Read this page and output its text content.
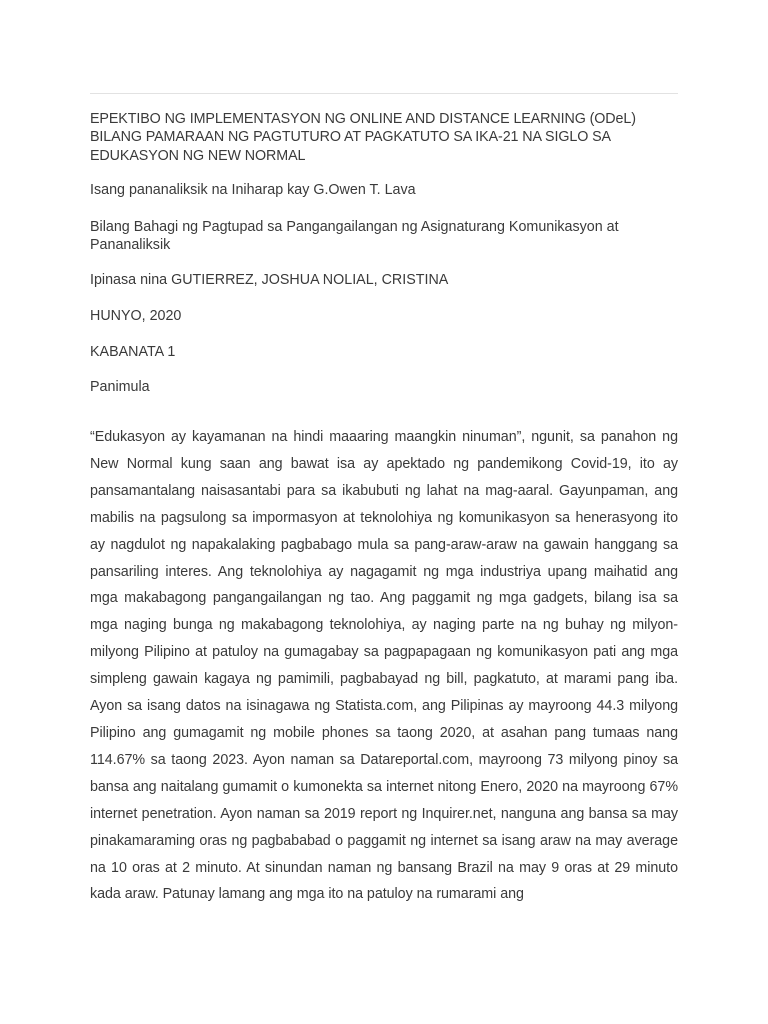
EPEKTIBO NG IMPLEMENTASYON NG ONLINE AND DISTANCE LEARNING (ODeL) BILANG PAMARAAN NG PAGTUTURO AT PAGKATUTO SA IKA-21 NA SIGLO SA EDUKASYON NG NEW NORMAL

Isang pananaliksik na Iniharap kay G.Owen T. Lava

Bilang Bahagi ng Pagtupad sa Pangangailangan ng Asignaturang Komunikasyon at Pananaliksik

Ipinasa nina GUTIERREZ, JOSHUA NOLIAL, CRISTINA

HUNYO, 2020

KABANATA 1

Panimula

“Edukasyon ay kayamanan na hindi maaaring maangkin ninuman”, ngunit, sa panahon ng New Normal kung saan ang bawat isa ay apektado ng pandemikong Covid-19, ito ay pansamantalang naisasantabi para sa ikabubuti ng lahat na mag-aaral. Gayunpaman, ang mabilis na pagsulong sa impormasyon at teknolohiya ng komunikasyon sa henerasyong ito ay nagdulot ng napakalaking pagbabago mula sa pang-araw-araw na gawain hanggang sa pansariling interes. Ang teknolohiya ay nagagamit ng mga industriya upang maihatid ang mga makabagong pangangailangan ng tao. Ang paggamit ng mga gadgets, bilang isa sa mga naging bunga ng makabagong teknolohiya, ay naging parte na ng buhay ng milyon-milyong Pilipino at patuloy na gumagabay sa pagpapagaan ng komunikasyon pati ang mga simpleng gawain kagaya ng pamimili, pagbabayad ng bill, pagkatuto, at marami pang iba. Ayon sa isang datos na isinagawa ng Statista.com, ang Pilipinas ay mayroong 44.3 milyong Pilipino ang gumagamit ng mobile phones sa taong 2020, at asahan pang tumaas nang 114.67% sa taong 2023. Ayon naman sa Datareportal.com, mayroong 73 milyong pinoy sa bansa ang naitalang gumamit o kumonekta sa internet nitong Enero, 2020 na mayroong 67% internet penetration. Ayon naman sa 2019 report ng Inquirer.net, nanguna ang bansa sa may pinakamaraming oras ng pagbababad o paggamit ng internet sa isang araw na may average na 10 oras at 2 minuto. At sinundan naman ng bansang Brazil na may 9 oras at 29 minuto kada araw. Patunay lamang ang mga ito na patuloy na rumarami ang
